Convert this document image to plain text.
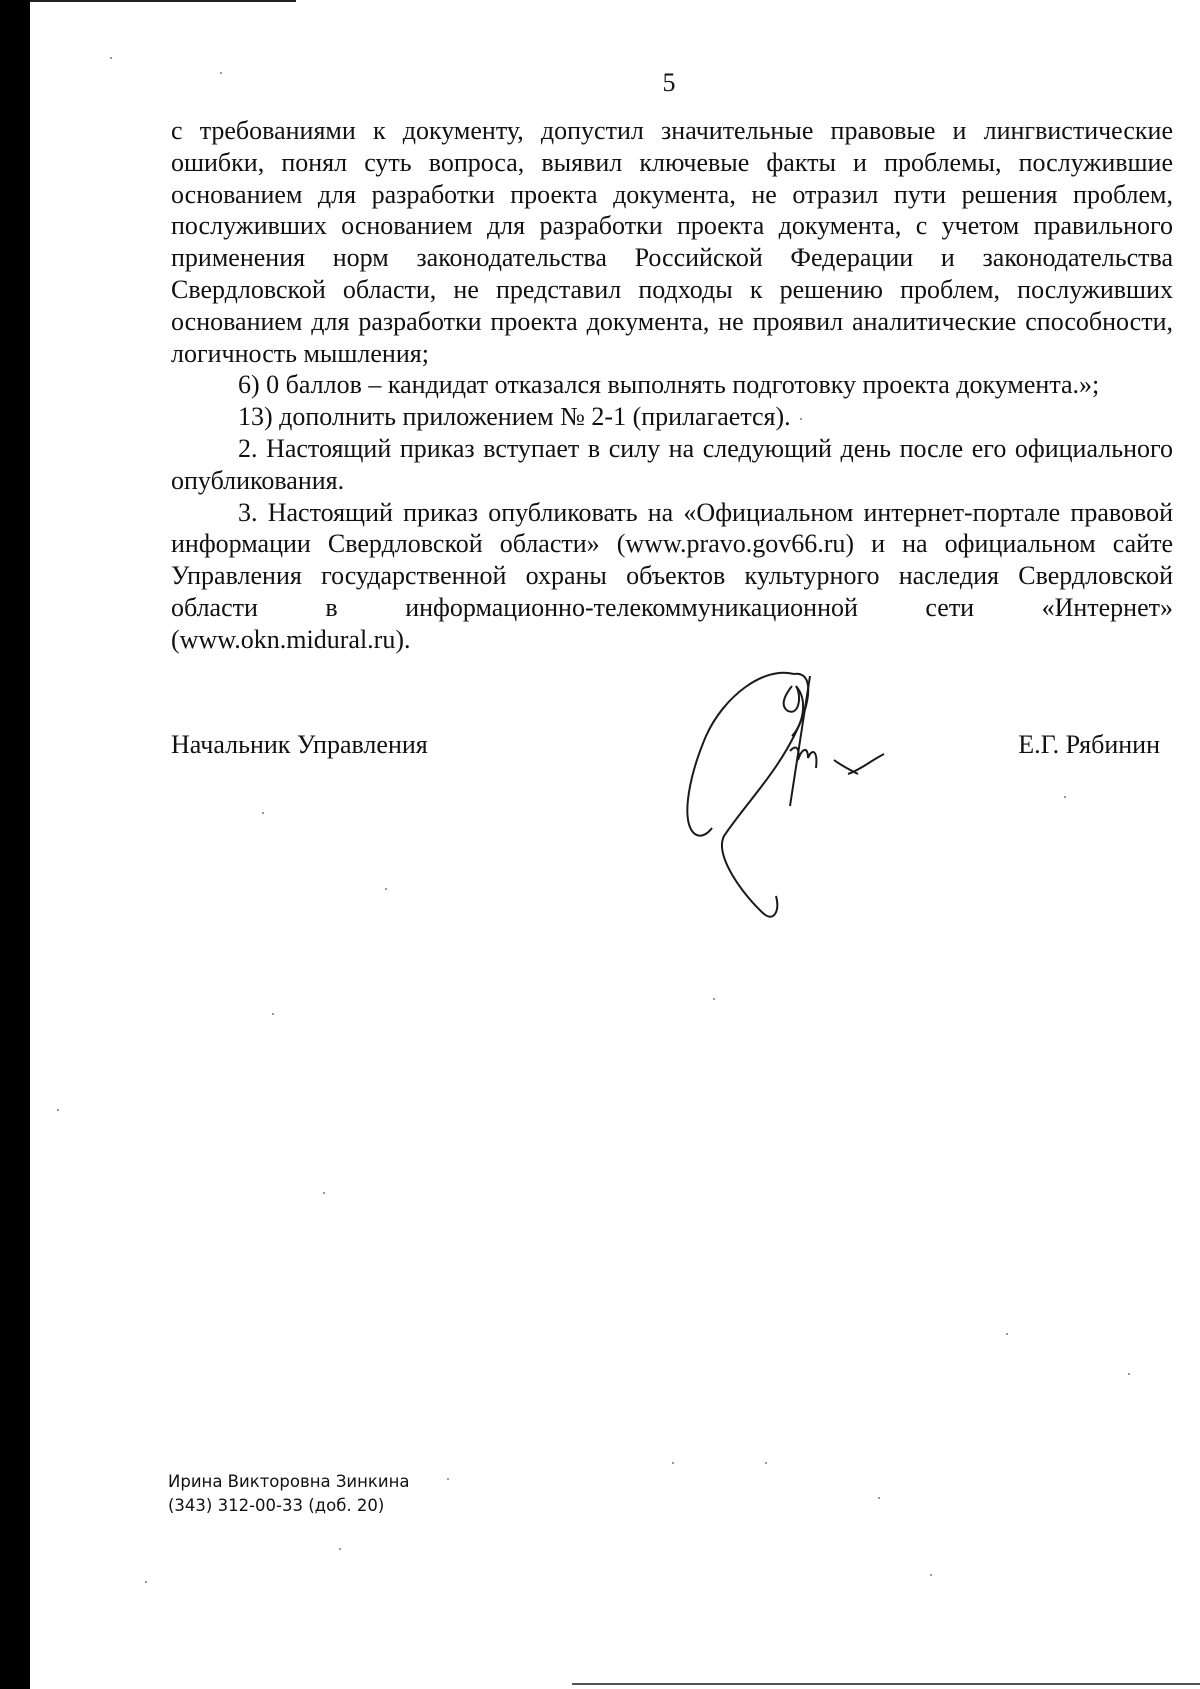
5

с требованиями к документу, допустил значительные правовые и лингвистические ошибки, понял суть вопроса, выявил ключевые факты и проблемы, послужившие основанием для разработки проекта документа, не отразил пути решения проблем, послуживших основанием для разработки проекта документа, с учетом правильного применения норм законодательства Российской Федерации и законодательства Свердловской области, не представил подходы к решению проблем, послуживших основанием для разработки проекта документа, не проявил аналитические способности, логичность мышления;

6) 0 баллов – кандидат отказался выполнять подготовку проекта документа.»;

13) дополнить приложением № 2-1 (прилагается).

2. Настоящий приказ вступает в силу на следующий день после его официального опубликования.

3. Настоящий приказ опубликовать на «Официальном интернет-портале правовой информации Свердловской области» (www.pravo.gov66.ru) и на официальном сайте Управления государственной охраны объектов культурного наследия Свердловской области в информационно-телекоммуникационной сети «Интернет» (www.okn.midural.ru).

Начальник Управления	Е.Г. Рябинин
Ирина Викторовна Зинкина
(343) 312-00-33 (доб. 20)
